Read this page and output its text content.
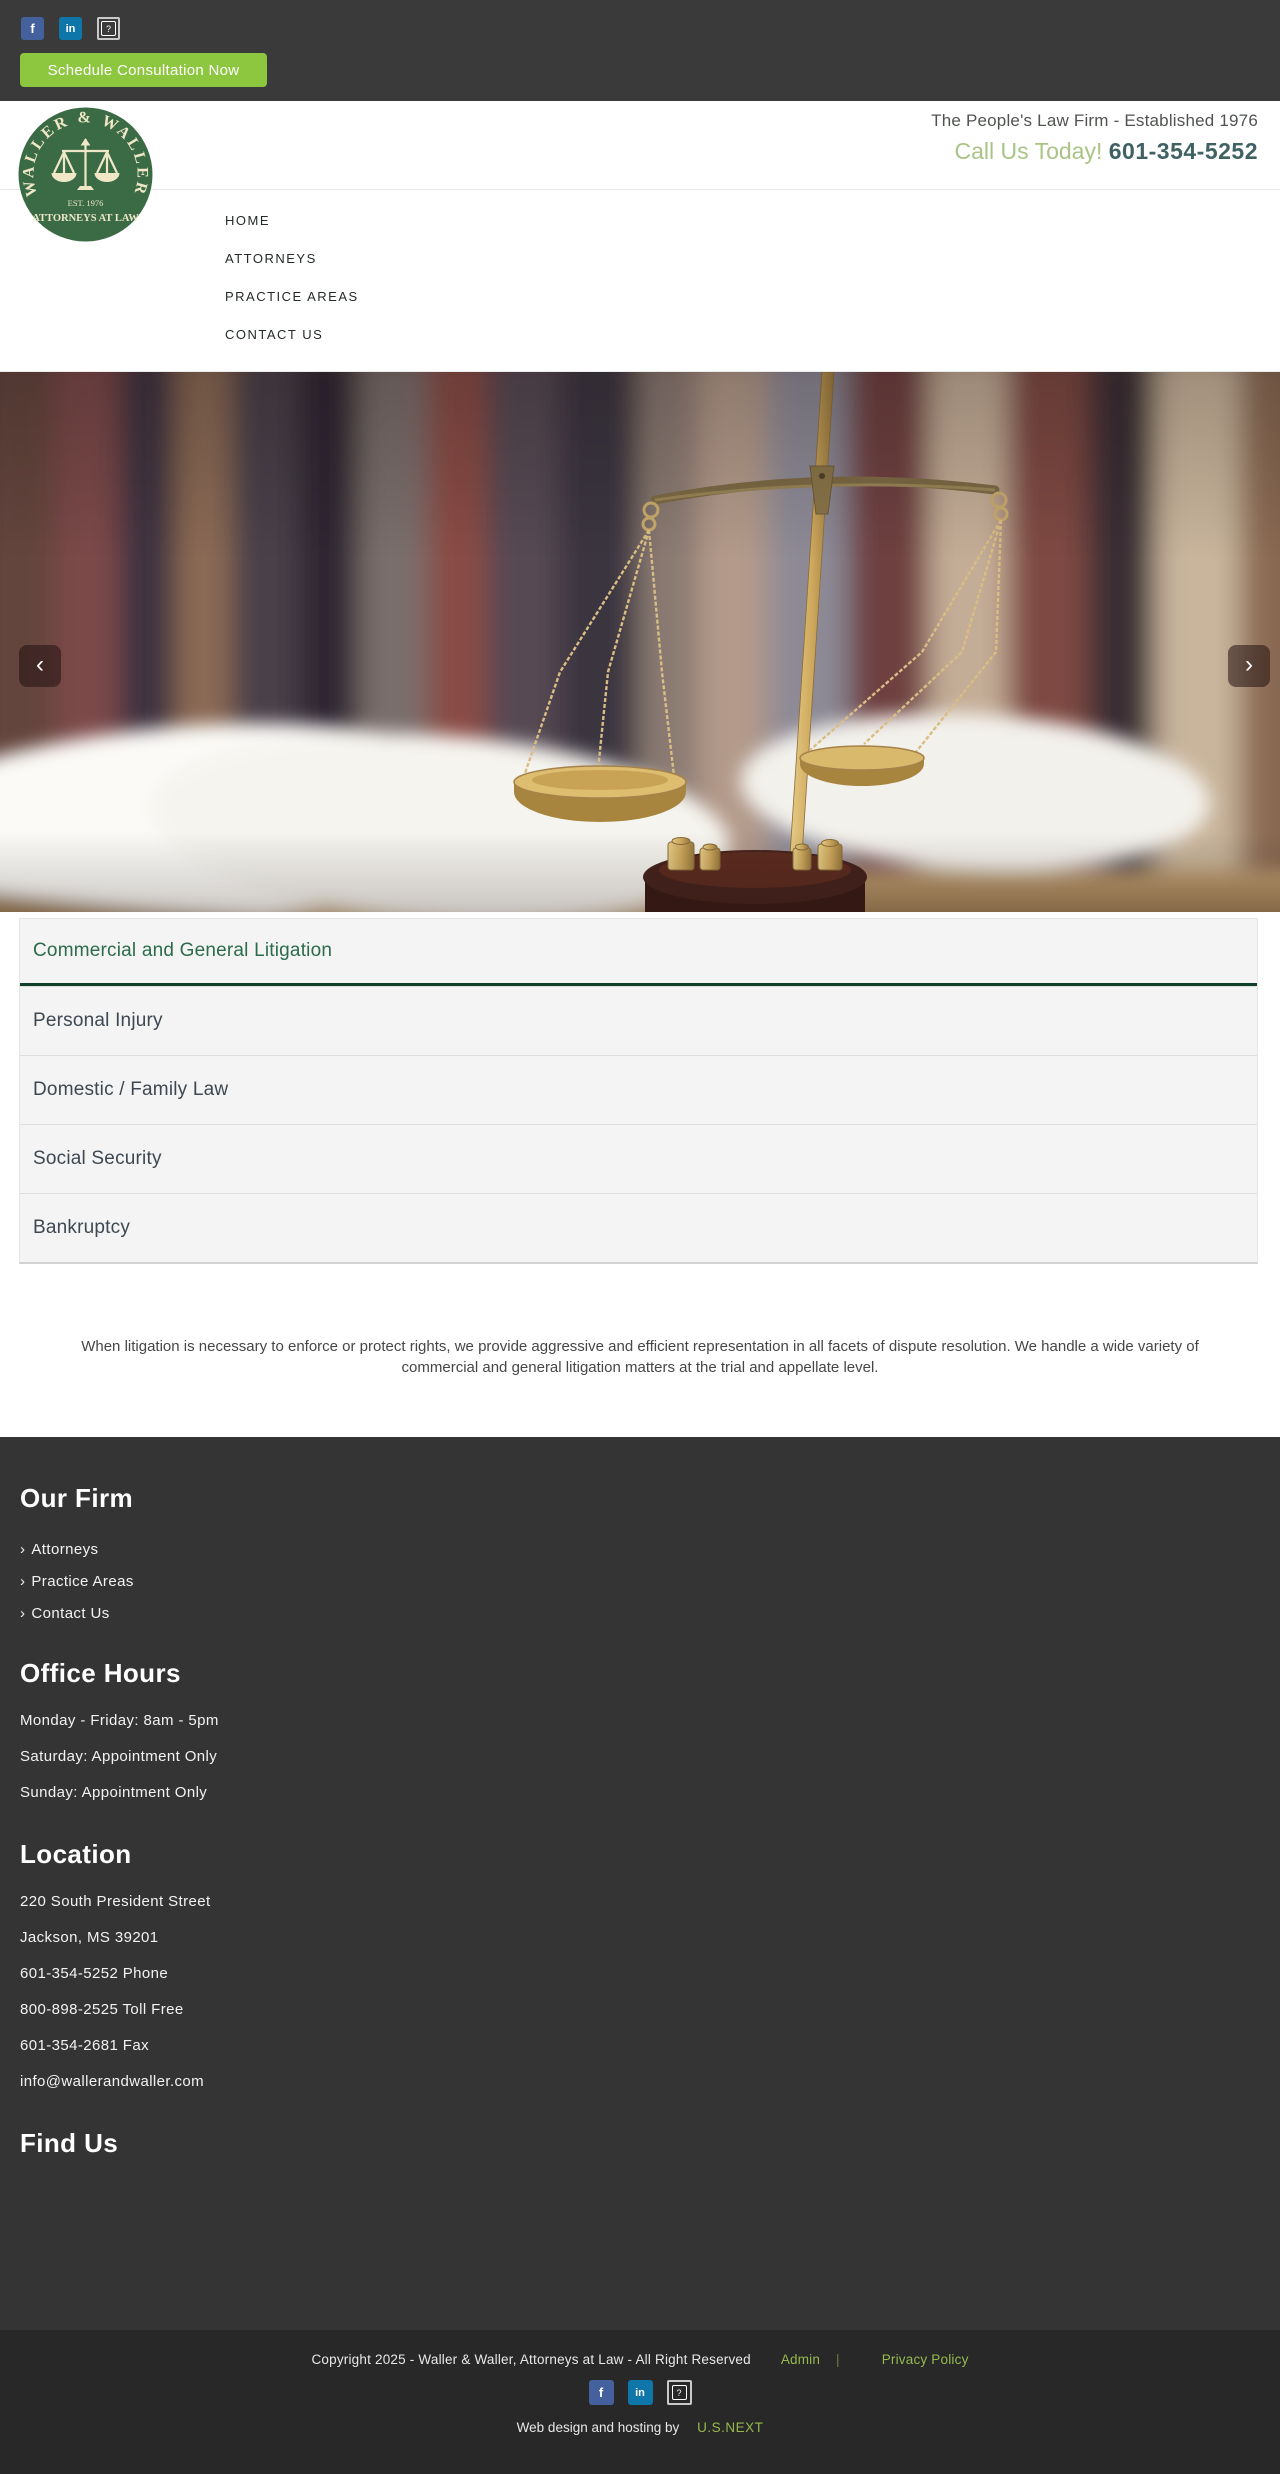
f	in	?
Schedule Consultation Now
WALLER & WALLER
EST. 1976
ATTORNEYS AT LAW
The People's Law Firm - Established 1976
Call Us Today! 601-354-5252
HOME
ATTORNEYS
PRACTICE AREAS
CONTACT US
‹	›
Commercial and General Litigation
Personal Injury
Domestic / Family Law
Social Security
Bankruptcy

When litigation is necessary to enforce or protect rights, we provide aggressive and efficient representation in all facets of dispute resolution. We handle a wide variety of commercial and general litigation matters at the trial and appellate level.

Our Firm
› Attorneys
› Practice Areas
› Contact Us
Office Hours
Monday - Friday: 8am - 5pm
Saturday: Appointment Only
Sunday: Appointment Only
Location
220 South President Street
Jackson, MS 39201
601-354-5252 Phone
800-898-2525 Toll Free
601-354-2681 Fax
info@wallerandwaller.com
Find Us
Copyright 2025 - Waller & Waller, Attorneys at Law - All Right Reserved Admin |	Privacy Policy
f	in	?
Web design and hosting by U.S.NEXT
